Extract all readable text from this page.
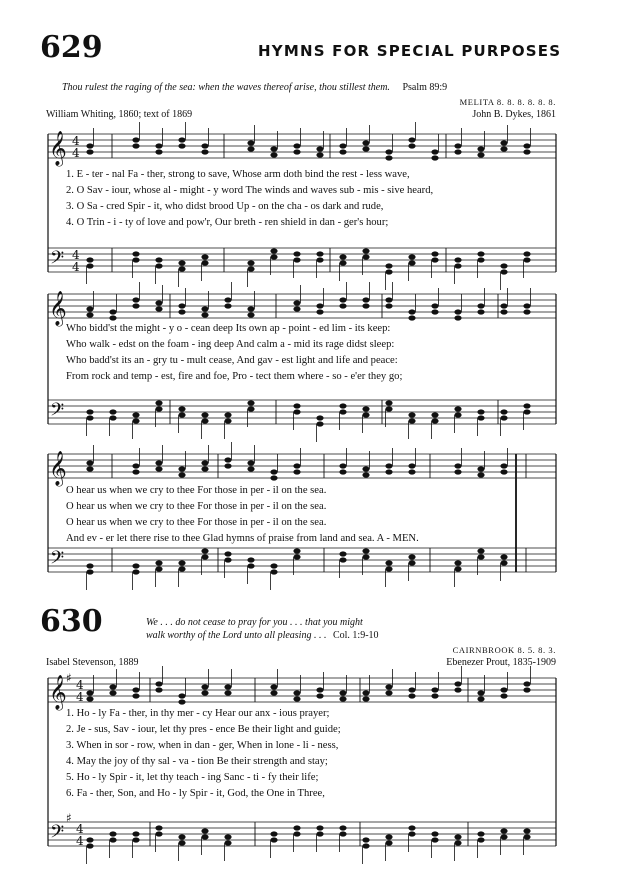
629	HYMNS FOR SPECIAL PURPOSES
Thou rulest the raging of the sea: when the waves thereof arise, thou stillest them. Psalm 89:9
MELITA 8. 8. 8. 8. 8. 8.
William Whiting, 1860; text of 1869	John B. Dykes, 1861
𝄞
𝄢
4
4
4
4
𝄞
𝄢
𝄞
𝄢
𝄞
𝄢
4
4
4
4
♯
♯
1. E - ter - nal Fa - ther, strong to save, Whose arm doth bind the rest - less wave,
2. O Sav - iour, whose al - might - y word The winds and waves sub - mis - sive heard,
3. O Sa - cred Spir - it, who didst brood Up - on the cha - os dark and rude,
4. O Trin - i - ty of love and pow'r, Our breth - ren shield in dan - ger's hour;
Who bidd'st the might - y o - cean deep Its own ap - point - ed lim - its keep:
Who walk - edst on the foam - ing deep And calm a - mid its rage didst sleep:
Who badd'st its an - gry tu - mult cease, And gav - est light and life and peace:
From rock and temp - est, fire and foe, Pro - tect them where - so - e'er they go;
O hear us when we cry to thee For those in per - il on the sea.
O hear us when we cry to thee For those in per - il on the sea.
O hear us when we cry to thee For those in per - il on the sea.
And ev - er let there rise to thee Glad hymns of praise from land and sea. A - MEN.
630	We . . . do not cease to pray for you . . . that you might
walk worthy of the Lord unto all pleasing . . . Col. 1:9-10
CAIRNBROOK 8. 5. 8. 3.
Isabel Stevenson, 1889	Ebenezer Prout, 1835-1909
1. Ho - ly Fa - ther, in thy mer - cy Hear our anx - ious prayer;
2. Je - sus, Sav - iour, let thy pres - ence Be their light and guide;
3. When in sor - row, when in dan - ger, When in lone - li - ness,
4. May the joy of thy sal - va - tion Be their strength and stay;
5. Ho - ly Spir - it, let thy teach - ing Sanc - ti - fy their life;
6. Fa - ther, Son, and Ho - ly Spir - it, God, the One in Three,
